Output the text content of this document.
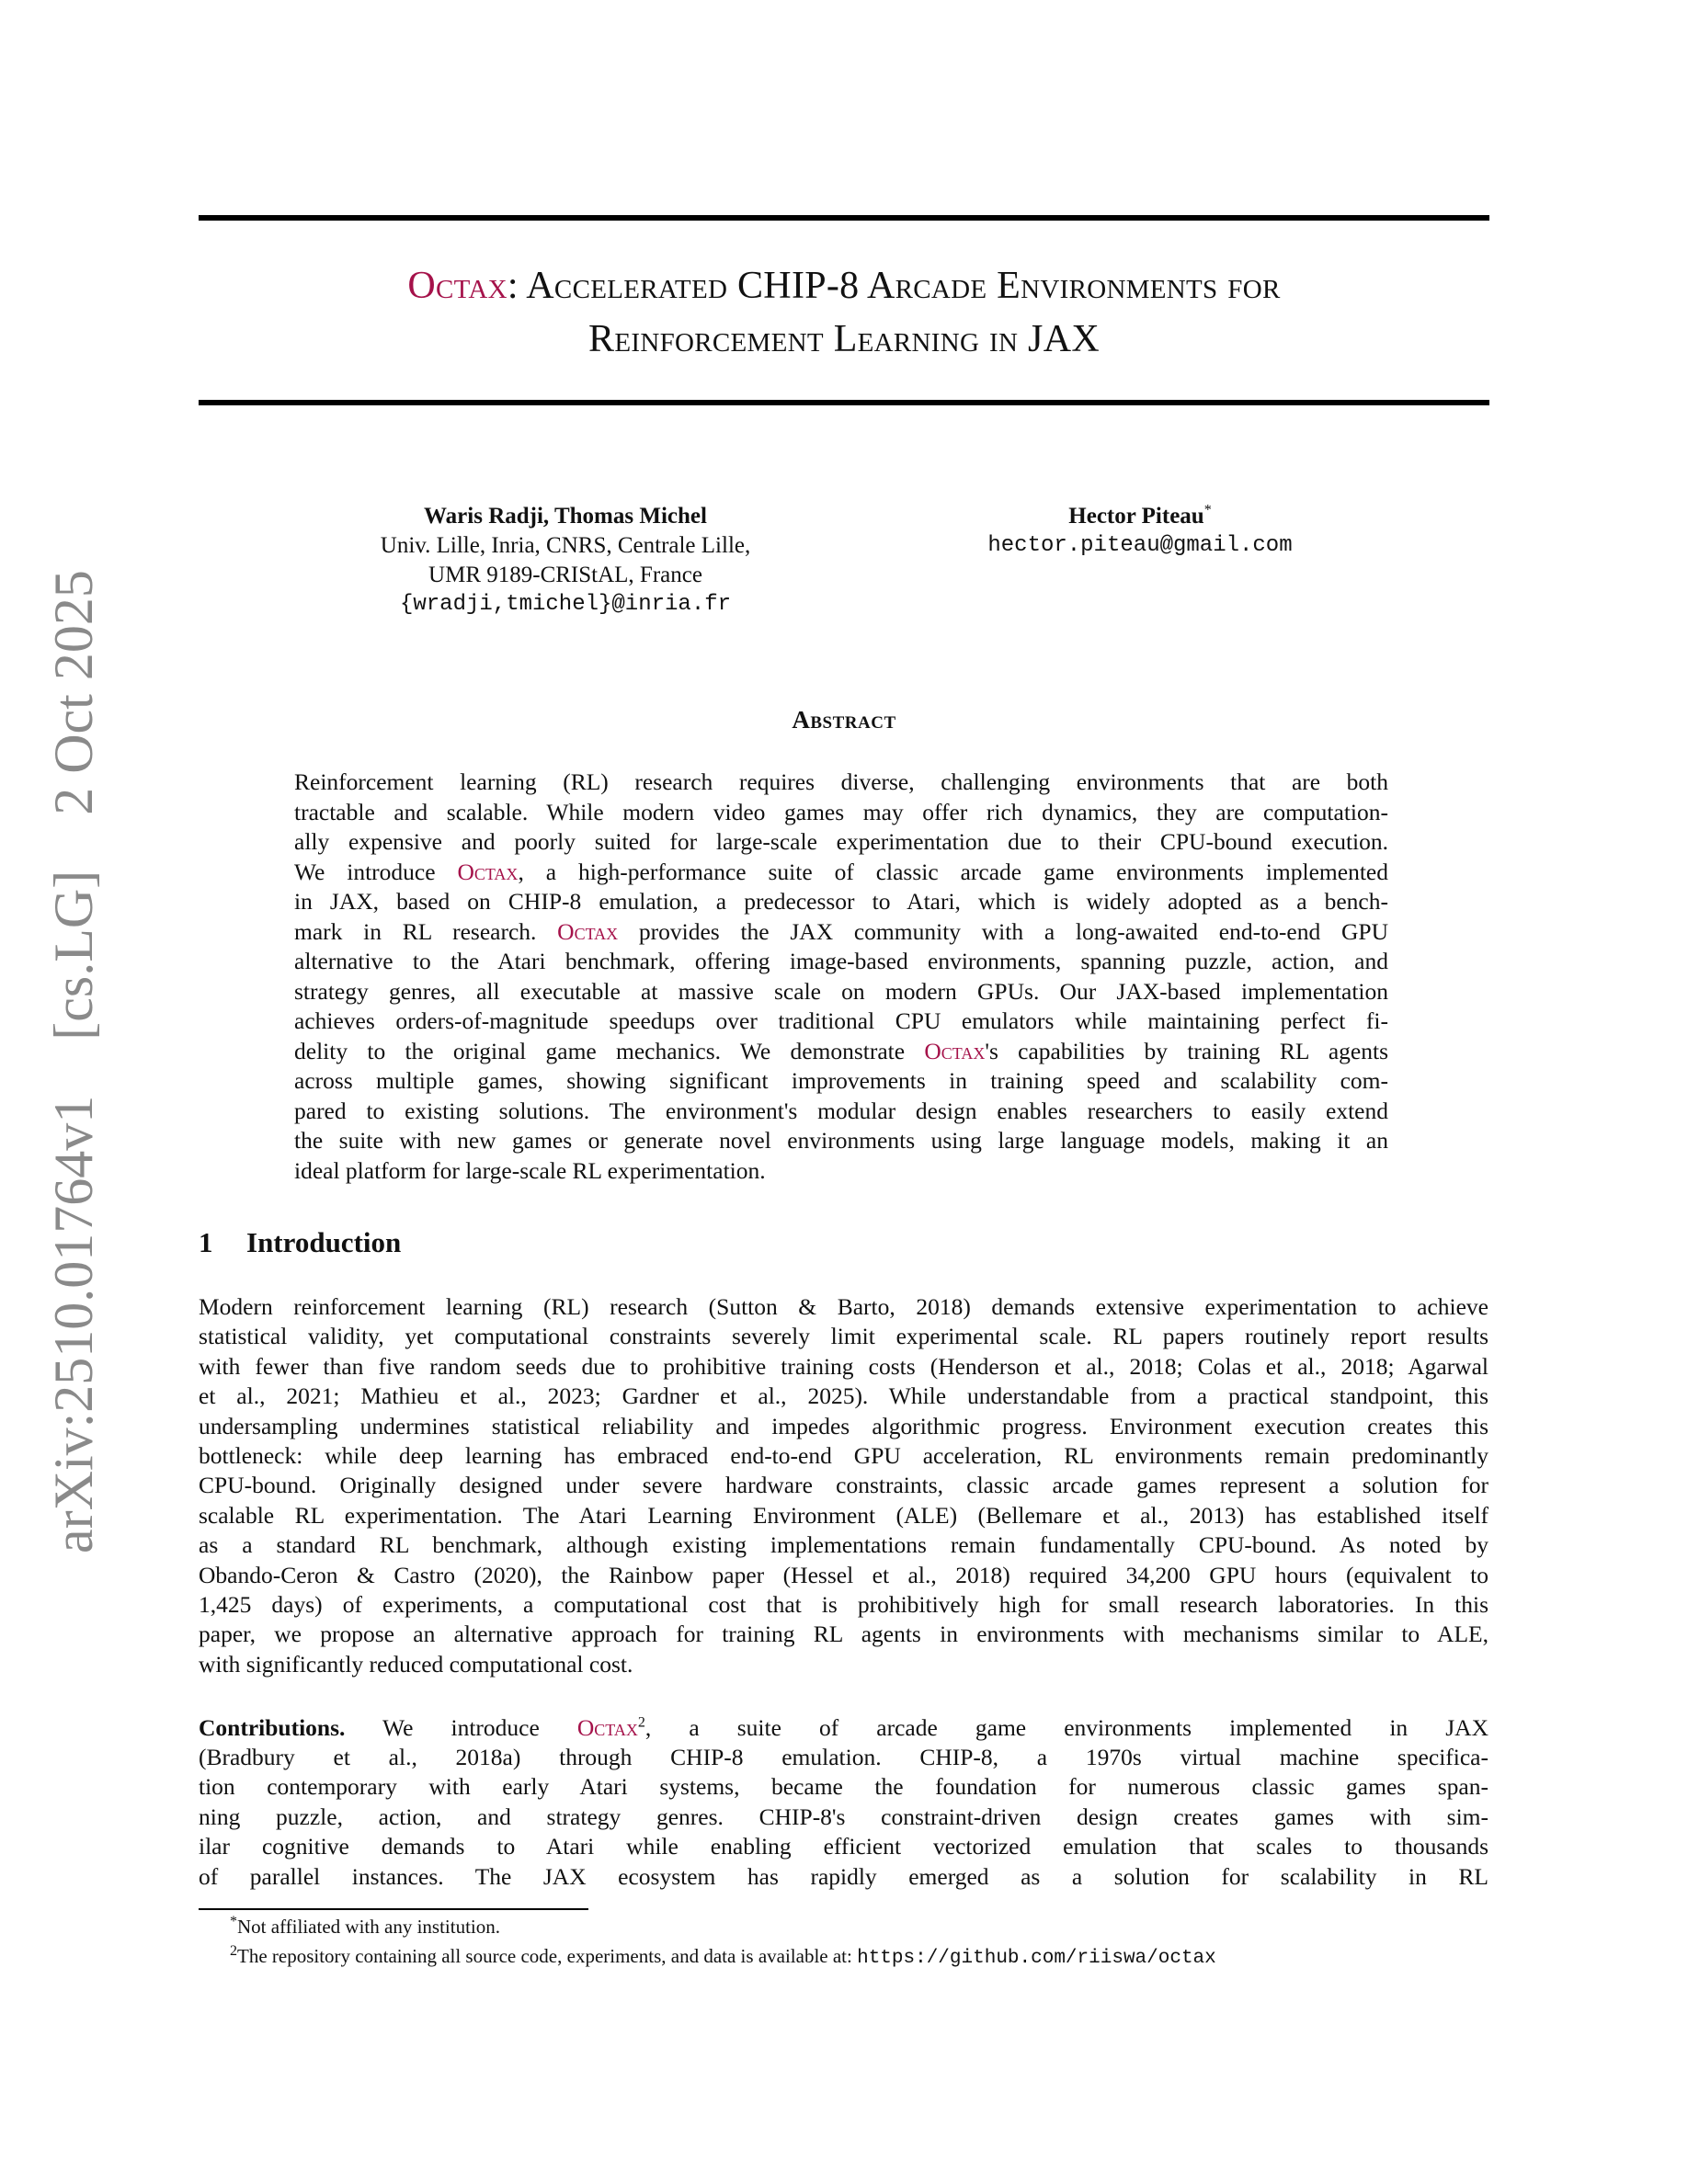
arXiv:2510.01764v1    [cs.LG]    2 Oct 2025
Octax: Accelerated CHIP-8 Arcade Environments for
Reinforcement Learning in JAX
Waris Radji, Thomas Michel
Univ. Lille, Inria, CNRS, Centrale Lille,
UMR 9189-CRIStAL, France
{wradji,tmichel}@inria.fr
Hector Piteau*
hector.piteau@gmail.com
Abstract
Reinforcement learning (RL) research requires diverse, challenging environments that are both
tractable and scalable. While modern video games may offer rich dynamics, they are computation-
ally expensive and poorly suited for large-scale experimentation due to their CPU-bound execution.
We introduce Octax, a high-performance suite of classic arcade game environments implemented
in JAX, based on CHIP-8 emulation, a predecessor to Atari, which is widely adopted as a bench-
mark in RL research. Octax provides the JAX community with a long-awaited end-to-end GPU
alternative to the Atari benchmark, offering image-based environments, spanning puzzle, action, and
strategy genres, all executable at massive scale on modern GPUs. Our JAX-based implementation
achieves orders-of-magnitude speedups over traditional CPU emulators while maintaining perfect fi-
delity to the original game mechanics. We demonstrate Octax's capabilities by training RL agents
across multiple games, showing significant improvements in training speed and scalability com-
pared to existing solutions. The environment's modular design enables researchers to easily extend
the suite with new games or generate novel environments using large language models, making it an
ideal platform for large-scale RL experimentation.
1 Introduction
Modern reinforcement learning (RL) research (Sutton & Barto, 2018) demands extensive experimentation to achieve
statistical validity, yet computational constraints severely limit experimental scale. RL papers routinely report results
with fewer than five random seeds due to prohibitive training costs (Henderson et al., 2018; Colas et al., 2018; Agarwal
et al., 2021; Mathieu et al., 2023; Gardner et al., 2025). While understandable from a practical standpoint, this
undersampling undermines statistical reliability and impedes algorithmic progress. Environment execution creates this
bottleneck: while deep learning has embraced end-to-end GPU acceleration, RL environments remain predominantly
CPU-bound. Originally designed under severe hardware constraints, classic arcade games represent a solution for
scalable RL experimentation. The Atari Learning Environment (ALE) (Bellemare et al., 2013) has established itself
as a standard RL benchmark, although existing implementations remain fundamentally CPU-bound. As noted by
Obando-Ceron & Castro (2020), the Rainbow paper (Hessel et al., 2018) required 34,200 GPU hours (equivalent to
1,425 days) of experiments, a computational cost that is prohibitively high for small research laboratories. In this
paper, we propose an alternative approach for training RL agents in environments with mechanisms similar to ALE,
with significantly reduced computational cost.
Contributions. We introduce Octax$^2$, a suite of arcade game environments implemented in JAX
(Bradbury et al., 2018a) through CHIP-8 emulation. CHIP-8, a 1970s virtual machine specifica-
tion contemporary with early Atari systems, became the foundation for numerous classic games span-
ning puzzle, action, and strategy genres. CHIP-8's constraint-driven design creates games with sim-
ilar cognitive demands to Atari while enabling efficient vectorized emulation that scales to thousands
of parallel instances. The JAX ecosystem has rapidly emerged as a solution for scalability in RL
*Not affiliated with any institution.
$^2$The repository containing all source code, experiments, and data is available at: https://github.com/riiswa/octax
